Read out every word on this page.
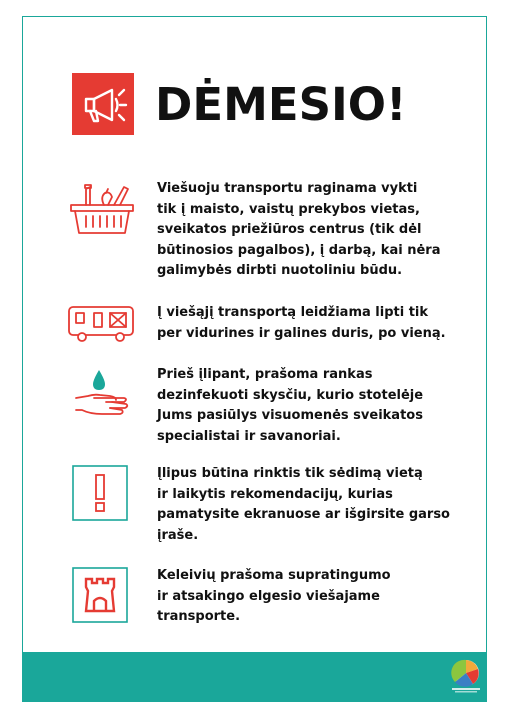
DĖMESIO!

Viešuoju transportu raginama vykti
tik į maisto, vaistų prekybos vietas,
sveikatos priežiūros centrus (tik dėl
būtinosios pagalbos), į darbą, kai nėra
galimybės dirbti nuotoliniu būdu.

Į viešąjį transportą leidžiama lipti tik
per vidurines ir galines duris, po vieną.

Prieš įlipant, prašoma rankas
dezinfekuoti skysčiu, kurio stotelėje
Jums pasiūlys visuomenės sveikatos
specialistai ir savanoriai.

Įlipus būtina rinktis tik sėdimą vietą
ir laikytis rekomendacijų, kurias
pamatysite ekranuose ar išgirsite garso
įraše.

Keleivių prašoma supratingumo
ir atsakingo elgesio viešajame
transporte.
